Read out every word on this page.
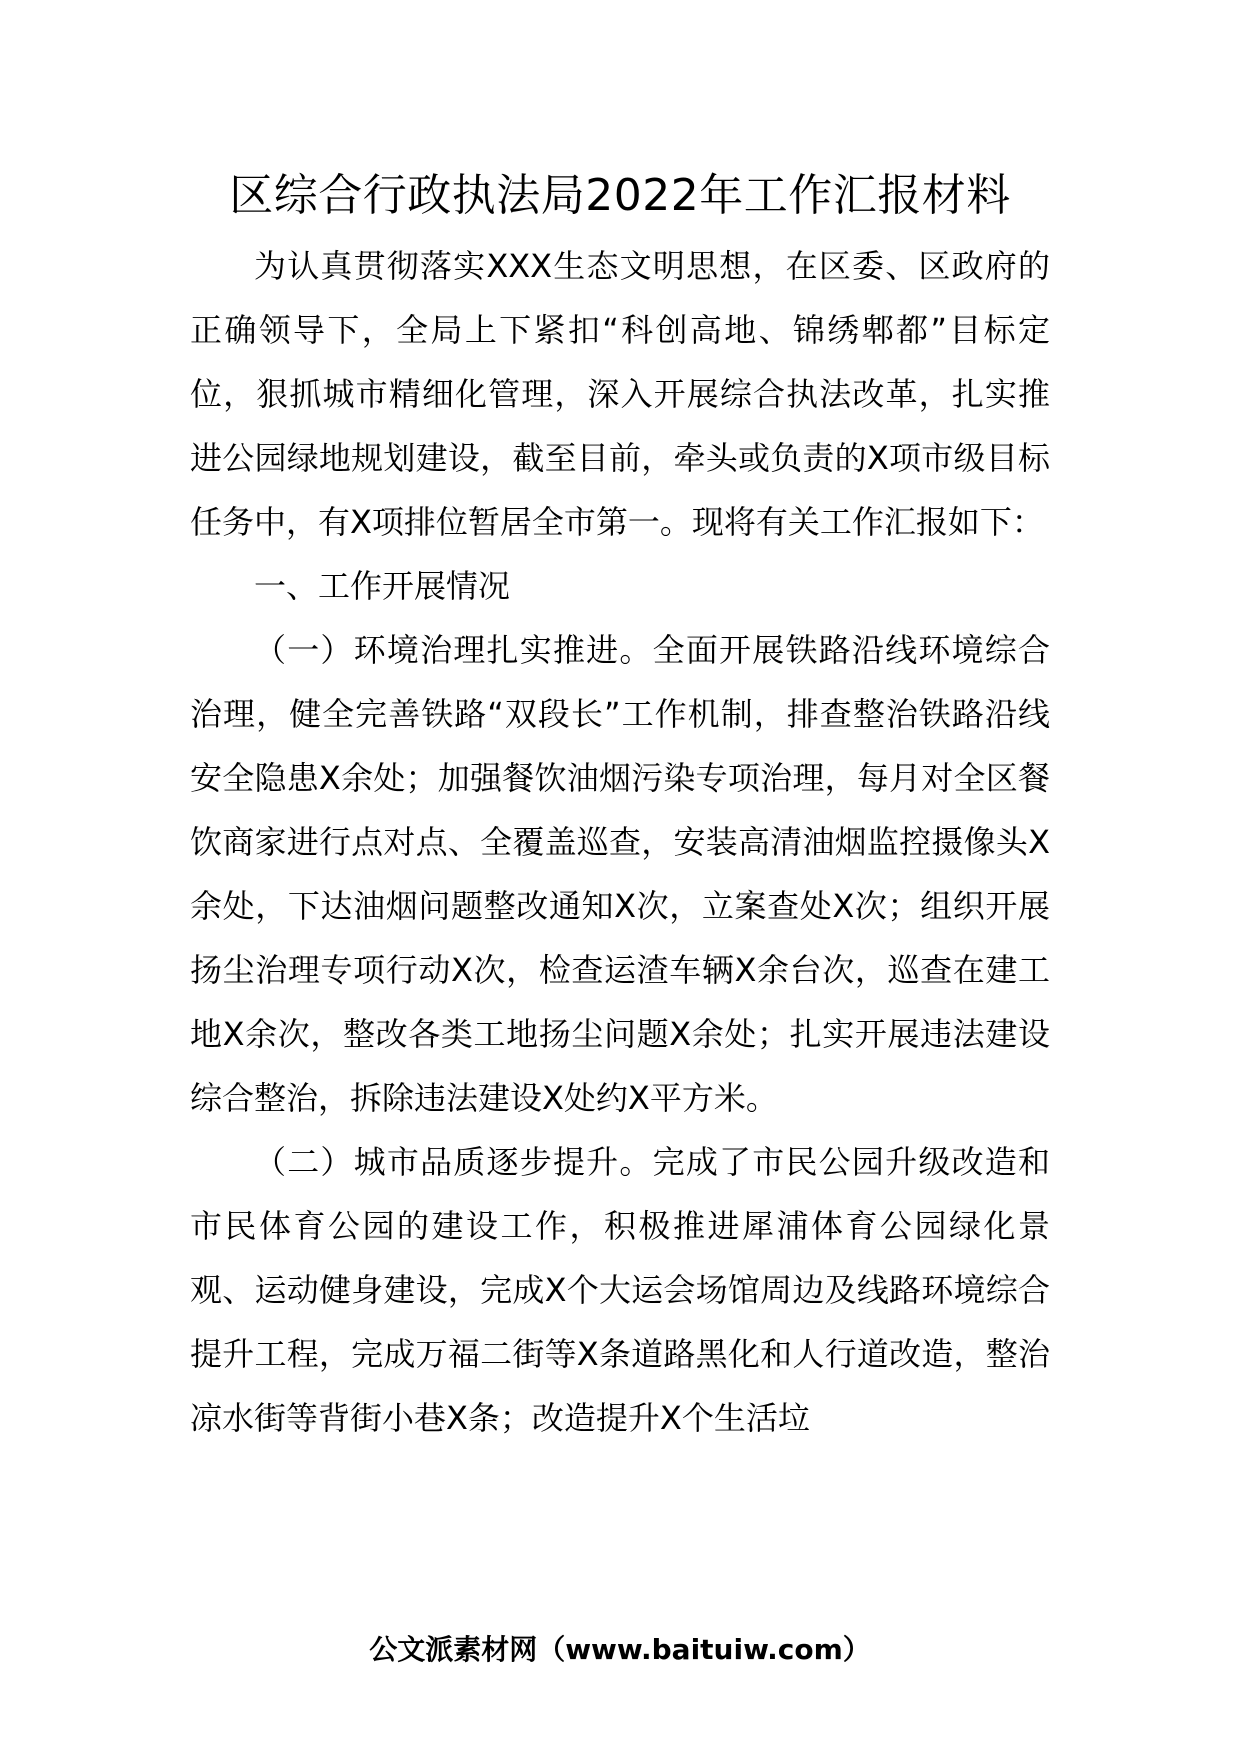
区综合行政执法局2022年工作汇报材料

为认真贯彻落实XXX生态文明思想，在区委、区政府的正确领导下，全局上下紧扣“科创高地、锦绣郫都”目标定位，狠抓城市精细化管理，深入开展综合执法改革，扎实推进公园绿地规划建设，截至目前，牵头或负责的X项市级目标任务中，有X项排位暂居全市第一。现将有关工作汇报如下：

一、工作开展情况

（一）环境治理扎实推进。全面开展铁路沿线环境综合治理，健全完善铁路“双段长”工作机制，排查整治铁路沿线安全隐患X余处；加强餐饮油烟污染专项治理，每月对全区餐饮商家进行点对点、全覆盖巡查，安装高清油烟监控摄像头X余处，下达油烟问题整改通知X次，立案查处X次；组织开展扬尘治理专项行动X次，检查运渣车辆X余台次，巡查在建工地X余次，整改各类工地扬尘问题X余处；扎实开展违法建设综合整治，拆除违法建设X处约X平方米。

（二）城市品质逐步提升。完成了市民公园升级改造和市民体育公园的建设工作，积极推进犀浦体育公园绿化景观、运动健身建设，完成X个大运会场馆周边及线路环境综合提升工程，完成万福二街等X条道路黑化和人行道改造，整治凉水街等背街小巷X条；改造提升X个生活垃

公文派素材网（www.baituiw.com）
